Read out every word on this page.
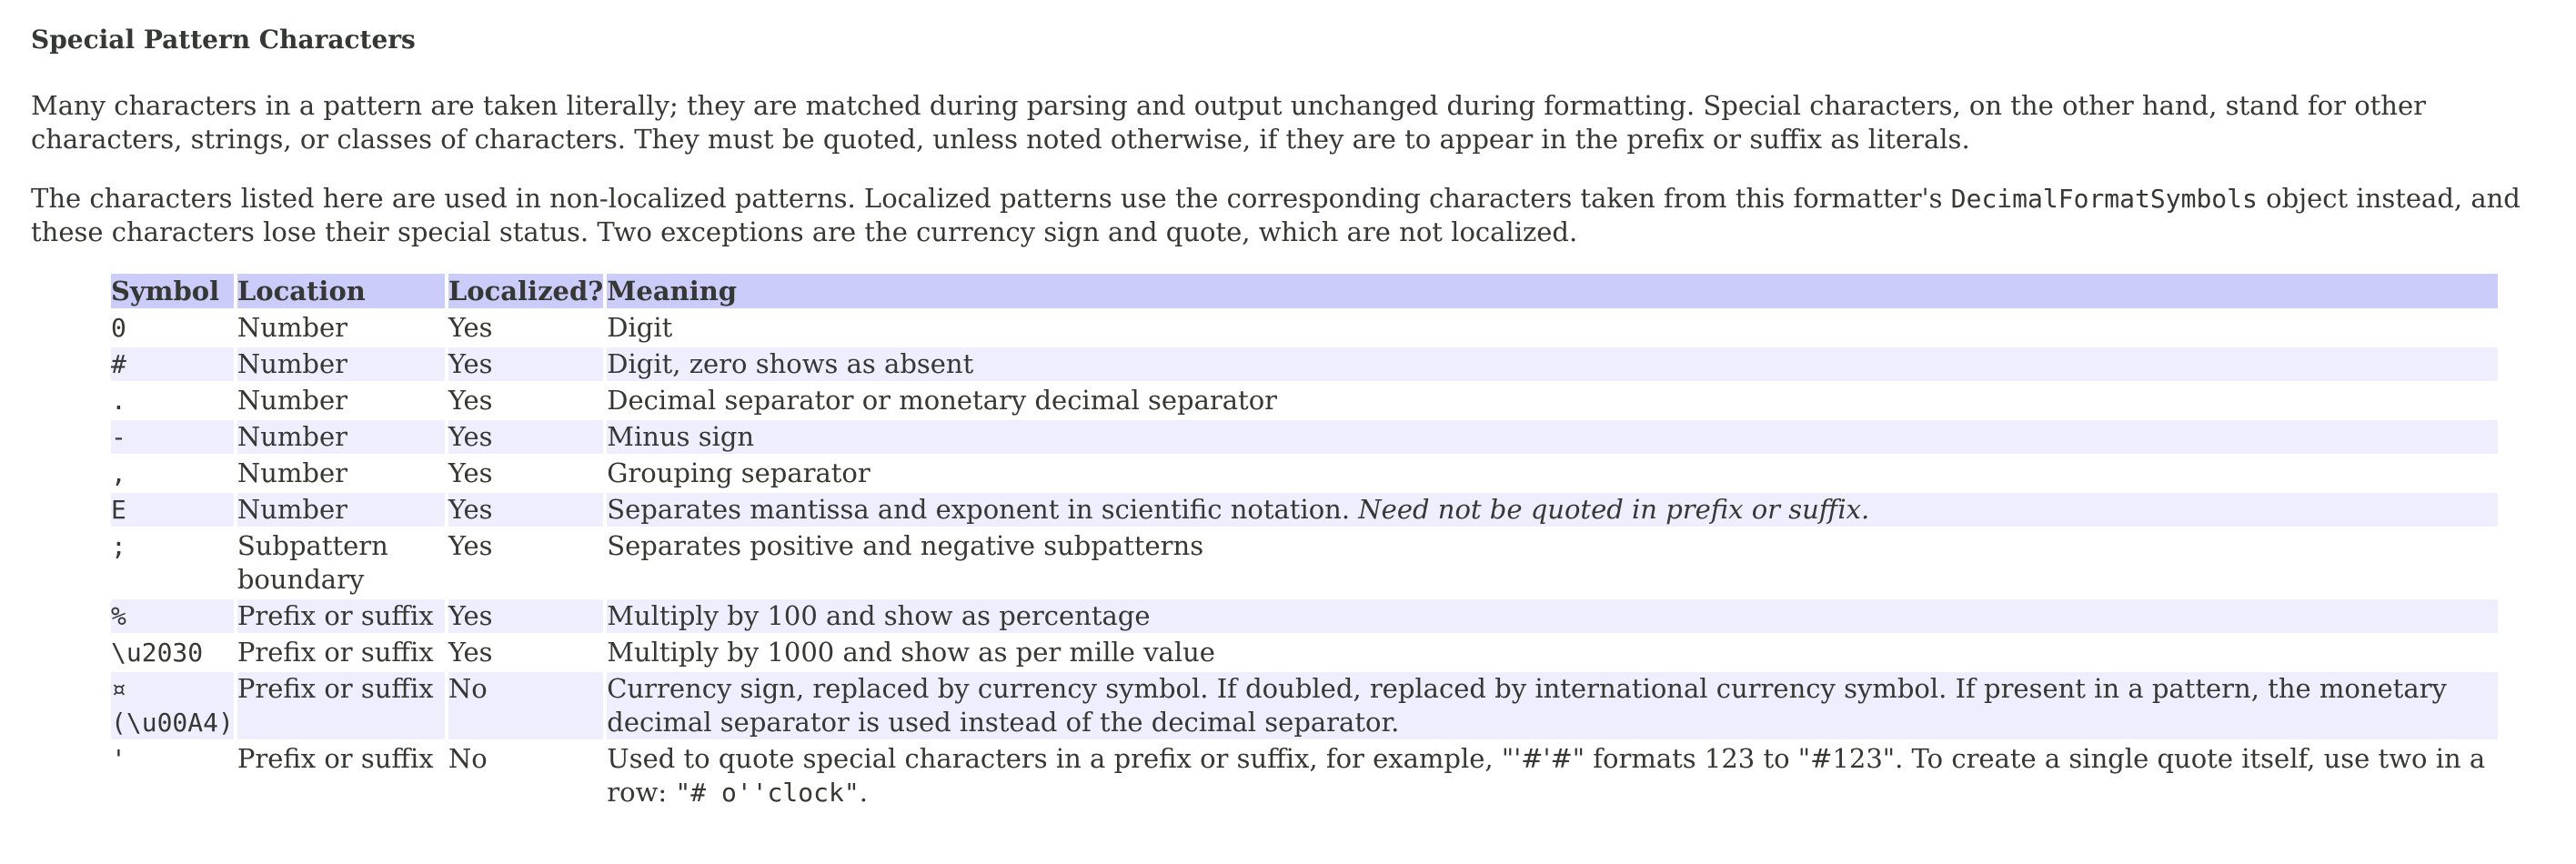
Special Pattern Characters

Many characters in a pattern are taken literally; they are matched during parsing and output unchanged during formatting. Special characters, on the other hand, stand for other characters, strings, or classes of characters. They must be quoted, unless noted otherwise, if they are to appear in the prefix or suffix as literals.

The characters listed here are used in non-localized patterns. Localized patterns use the corresponding characters taken from this formatter's DecimalFormatSymbols object instead, and these characters lose their special status. Two exceptions are the currency sign and quote, which are not localized.

Symbol	Location	Localized?	Meaning
0	Number	Yes	Digit
#	Number	Yes	Digit, zero shows as absent
.	Number	Yes	Decimal separator or monetary decimal separator
-	Number	Yes	Minus sign
,	Number	Yes	Grouping separator
E	Number	Yes	Separates mantissa and exponent in scientific notation. Need not be quoted in prefix or suffix.
;	Subpattern boundary	Yes	Separates positive and negative subpatterns
%	Prefix or suffix	Yes	Multiply by 100 and show as percentage
\u2030	Prefix or suffix	Yes	Multiply by 1000 and show as per mille value
¤ (\u00A4)	Prefix or suffix	No	Currency sign, replaced by currency symbol. If doubled, replaced by international currency symbol. If present in a pattern, the monetary decimal separator is used instead of the decimal separator.
'	Prefix or suffix	No	Used to quote special characters in a prefix or suffix, for example, "'#'#" formats 123 to "#123". To create a single quote itself, use two in a row: "# o''clock".
